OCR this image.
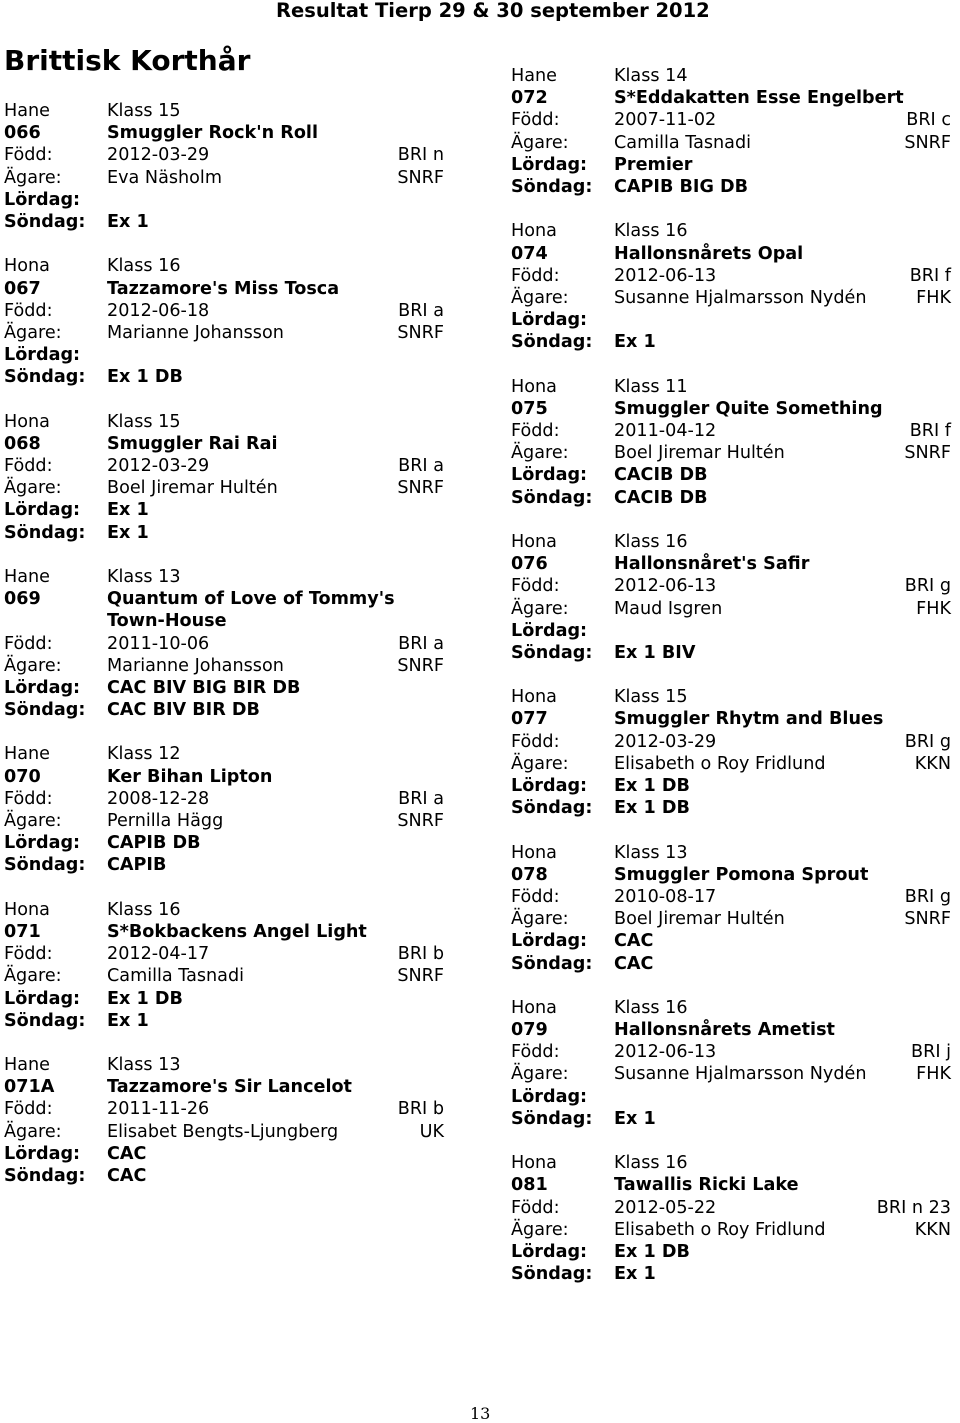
Resultat Tierp 29 & 30 september 2012
Brittisk Korthår
Hane	Klass 15
066	Smuggler Rock'n Roll
Född:	2012-03-29	BRI n
Ägare:	Eva Näsholm	SNRF
Lördag:
Söndag: Ex 1
Hona	Klass 16
067	Tazzamore's Miss Tosca
Född:	2012-06-18	BRI a
Ägare:	Marianne Johansson	SNRF
Lördag:
Söndag: Ex 1 DB
Hona	Klass 15
068	Smuggler Rai Rai
Född:	2012-03-29	BRI a
Ägare:	Boel Jiremar Hultén	SNRF
Lördag: Ex 1
Söndag: Ex 1
Hane	Klass 13
069	Quantum of Love of Tommy's
Town-House
Född:	2011-10-06	BRI a
Ägare:	Marianne Johansson	SNRF
Lördag: CAC BIV BIG BIR DB
Söndag: CAC BIV BIR DB
Hane	Klass 12
070	Ker Bihan Lipton
Född:	2008-12-28	BRI a
Ägare:	Pernilla Hägg	SNRF
Lördag: CAPIB DB
Söndag: CAPIB
Hona	Klass 16
071	S*Bokbackens Angel Light
Född:	2012-04-17	BRI b
Ägare:	Camilla Tasnadi	SNRF
Lördag: Ex 1 DB
Söndag: Ex 1
Hane	Klass 13
071A	Tazzamore's Sir Lancelot
Född:	2011-11-26	BRI b
Ägare:	Elisabet Bengts-Ljungberg	UK
Lördag: CAC
Söndag: CAC
Hane	Klass 14
072	S*Eddakatten Esse Engelbert
Född:	2007-11-02	BRI c
Ägare:	Camilla Tasnadi	SNRF
Lördag: Premier
Söndag: CAPIB BIG DB
Hona	Klass 16
074	Hallonsnårets Opal
Född:	2012-06-13	BRI f
Ägare:	Susanne Hjalmarsson Nydén	FHK
Lördag:
Söndag: Ex 1
Hona	Klass 11
075	Smuggler Quite Something
Född:	2011-04-12	BRI f
Ägare:	Boel Jiremar Hultén	SNRF
Lördag: CACIB DB
Söndag: CACIB DB
Hona	Klass 16
076	Hallonsnåret's Safir
Född:	2012-06-13	BRI g
Ägare:	Maud Isgren	FHK
Lördag:
Söndag: Ex 1 BIV
Hona	Klass 15
077	Smuggler Rhytm and Blues
Född:	2012-03-29	BRI g
Ägare:	Elisabeth o Roy Fridlund	KKN
Lördag: Ex 1 DB
Söndag: Ex 1 DB
Hona	Klass 13
078	Smuggler Pomona Sprout
Född:	2010-08-17	BRI g
Ägare:	Boel Jiremar Hultén	SNRF
Lördag: CAC
Söndag: CAC
Hona	Klass 16
079	Hallonsnårets Ametist
Född:	2012-06-13	BRI j
Ägare:	Susanne Hjalmarsson Nydén	FHK
Lördag:
Söndag: Ex 1
Hona	Klass 16
081	Tawallis Ricki Lake
Född:	2012-05-22	BRI n 23
Ägare:	Elisabeth o Roy Fridlund	KKN
Lördag: Ex 1 DB
Söndag: Ex 1
13
